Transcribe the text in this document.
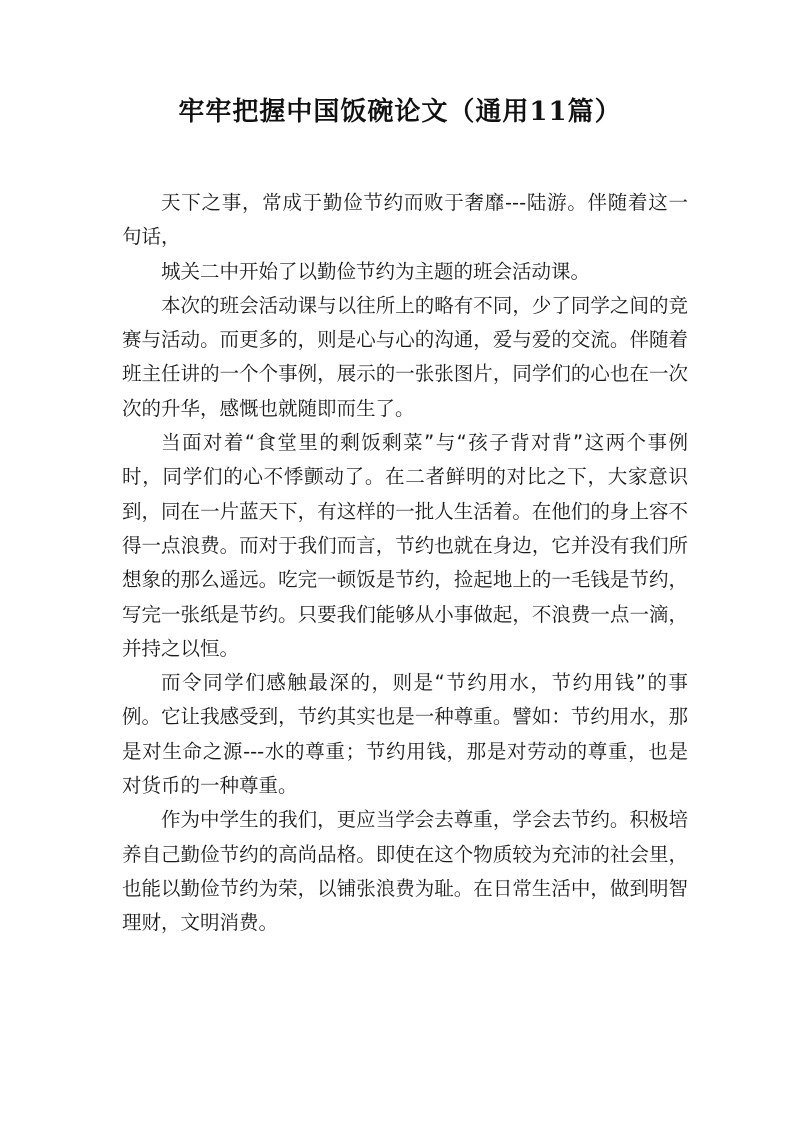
牢牢把握中国饭碗论文（通用11篇）

天下之事，常成于勤俭节约而败于奢靡---陆游。伴随着这一句话，

城关二中开始了以勤俭节约为主题的班会活动课。

本次的班会活动课与以往所上的略有不同，少了同学之间的竞赛与活动。而更多的，则是心与心的沟通，爱与爱的交流。伴随着班主任讲的一个个事例，展示的一张张图片，同学们的心也在一次次的升华，感慨也就随即而生了。

当面对着“食堂里的剩饭剩菜”与“孩子背对背”这两个事例时，同学们的心不悸颤动了。在二者鲜明的对比之下，大家意识到，同在一片蓝天下，有这样的一批人生活着。在他们的身上容不得一点浪费。而对于我们而言，节约也就在身边，它并没有我们所想象的那么遥远。吃完一顿饭是节约，捡起地上的一毛钱是节约，写完一张纸是节约。只要我们能够从小事做起，不浪费一点一滴，并持之以恒。

而令同学们感触最深的，则是“节约用水，节约用钱”的事例。它让我感受到，节约其实也是一种尊重。譬如：节约用水，那是对生命之源---水的尊重；节约用钱，那是对劳动的尊重，也是对货币的一种尊重。

作为中学生的我们，更应当学会去尊重，学会去节约。积极培养自己勤俭节约的高尚品格。即使在这个物质较为充沛的社会里，也能以勤俭节约为荣，以铺张浪费为耻。在日常生活中，做到明智理财，文明消费。
